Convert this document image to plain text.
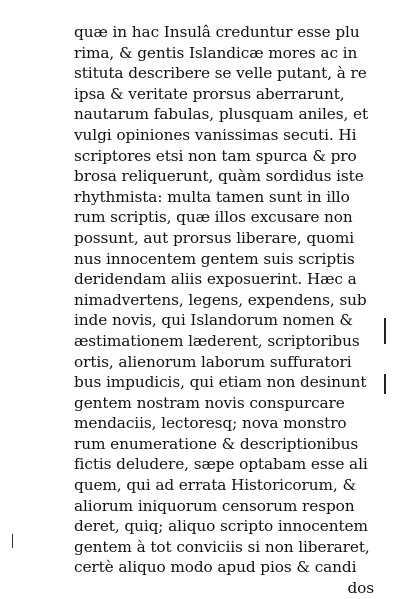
quæ in hac Insulâ creduntur esse plu
rima, & gentis Islandicæ mores ac in
stituta describere se velle putant, à re
ipsa & veritate prorsus aberrarunt,
nautarum fabulas, plusquam aniles, et
vulgi opiniones vanissimas secuti. Hi
scriptores etsi non tam spurca & pro
brosa reliquerunt, quàm sordidus iste
rhythmista: multa tamen sunt in illo
rum scriptis, quæ illos excusare non
possunt, aut prorsus liberare, quomi
nus innocentem gentem suis scriptis
deridendam aliis exposuerint. Hæc a
nimadvertens, legens, expendens, sub
inde novis, qui Islandorum nomen &
æstimationem læderent, scriptoribus
ortis, alienorum laborum suffuratori
bus impudicis, qui etiam non desinunt
gentem nostram novis conspurcare
mendaciis, lectoresq; nova monstro
rum enumeratione & descriptionibus
fictis deludere, sæpe optabam esse ali
quem, qui ad errata Historicorum, &
aliorum iniquorum censorum respon
deret, quiq; aliquo scripto innocentem
gentem à tot conviciis si non liberaret,
certè aliquo modo apud pios & candi
dos
